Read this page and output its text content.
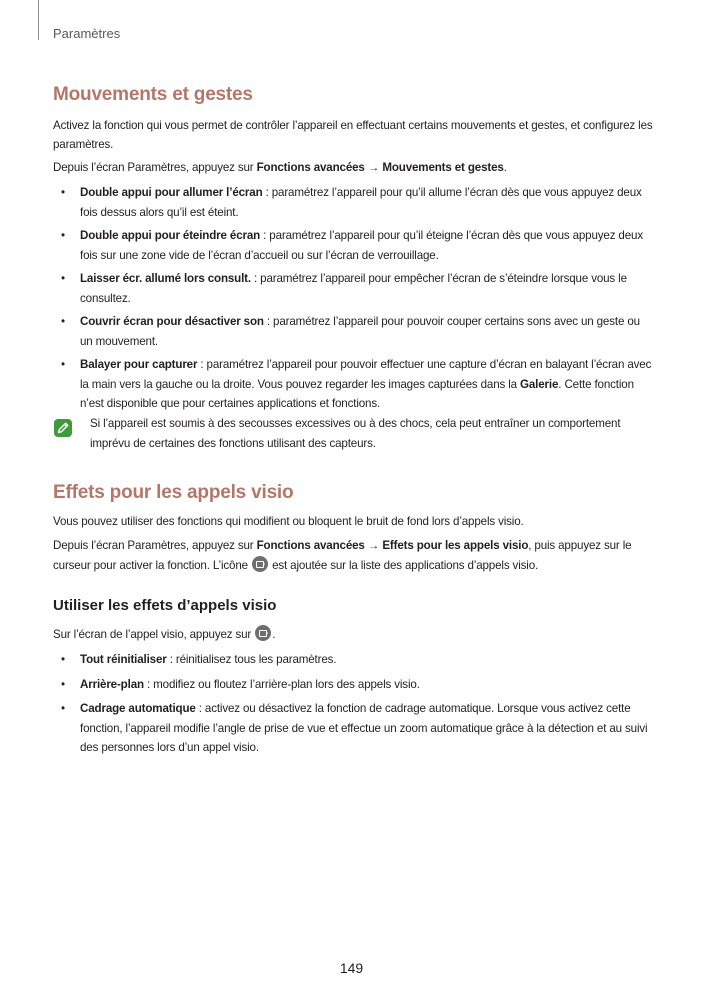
Paramètres
Mouvements et gestes

Activez la fonction qui vous permet de contrôler l’appareil en effectuant certains mouvements et gestes, et configurez les paramètres.

Depuis l’écran Paramètres, appuyez sur Fonctions avancées → Mouvements et gestes.

• Double appui pour allumer l’écran : paramétrez l’appareil pour qu’il allume l’écran dès que vous appuyez deux fois dessus alors qu’il est éteint.
• Double appui pour éteindre écran : paramétrez l’appareil pour qu’il éteigne l’écran dès que vous appuyez deux fois sur une zone vide de l’écran d’accueil ou sur l’écran de verrouillage.
• Laisser écr. allumé lors consult. : paramétrez l’appareil pour empêcher l’écran de s’éteindre lorsque vous le consultez.
• Couvrir écran pour désactiver son : paramétrez l’appareil pour pouvoir couper certains sons avec un geste ou un mouvement.
• Balayer pour capturer : paramétrez l’appareil pour pouvoir effectuer une capture d’écran en balayant l’écran avec la main vers la gauche ou la droite. Vous pouvez regarder les images capturées dans la Galerie. Cette fonction n’est disponible que pour certaines applications et fonctions.

Si l’appareil est soumis à des secousses excessives ou à des chocs, cela peut entraîner un comportement imprévu de certaines des fonctions utilisant des capteurs.

Effets pour les appels visio

Vous pouvez utiliser des fonctions qui modifient ou bloquent le bruit de fond lors d’appels visio.

Depuis l’écran Paramètres, appuyez sur Fonctions avancées → Effets pour les appels visio, puis appuyez sur le curseur pour activer la fonction. L’icône  est ajoutée sur la liste des applications d’appels visio.

Utiliser les effets d’appels visio

Sur l’écran de l’appel visio, appuyez sur .

• Tout réinitialiser : réinitialisez tous les paramètres.
• Arrière-plan : modifiez ou floutez l’arrière-plan lors des appels visio.
• Cadrage automatique : activez ou désactivez la fonction de cadrage automatique. Lorsque vous activez cette fonction, l’appareil modifie l’angle de prise de vue et effectue un zoom automatique grâce à la détection et au suivi des personnes lors d’un appel visio.
149
